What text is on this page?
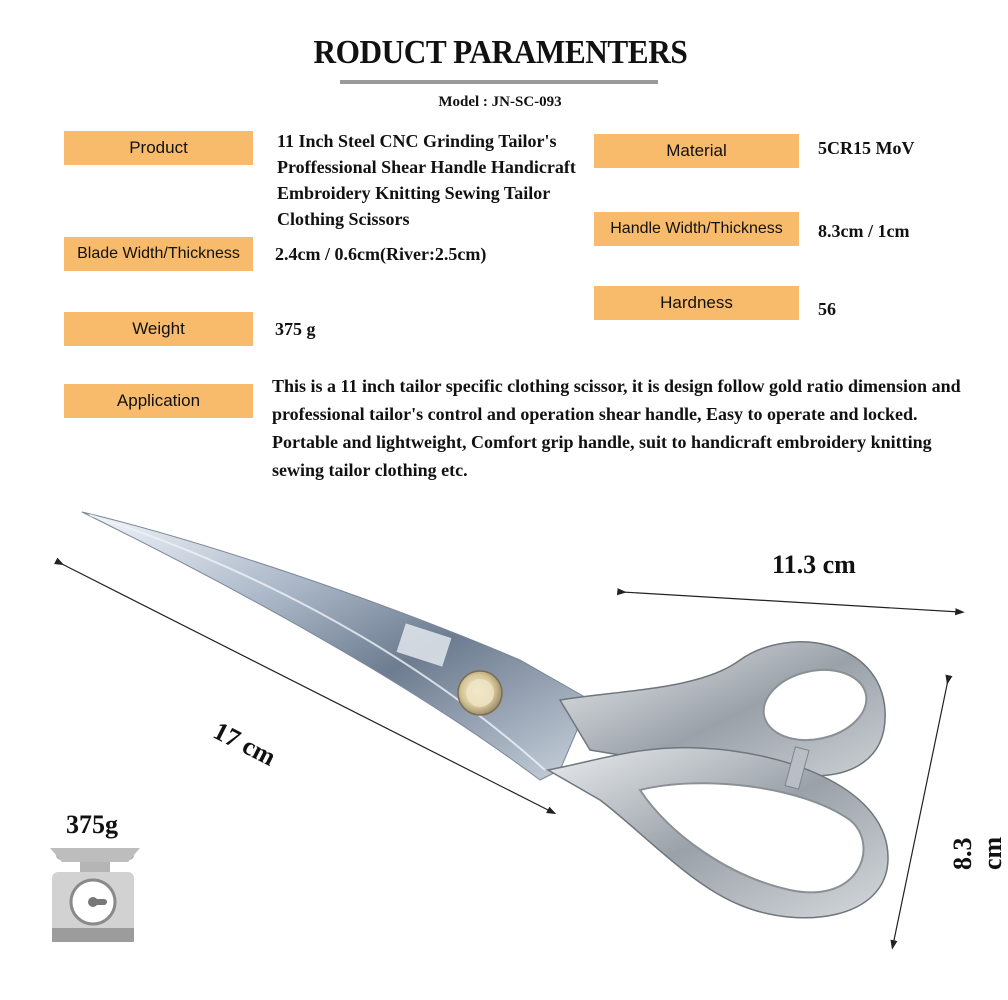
RODUCT PARAMENTERS
Model : JN-SC-093
Product	11 Inch Steel CNC Grinding Tailor's
Proffessional Shear Handle Handicraft
Embroidery Knitting Sewing Tailor
Clothing Scissors
Material	5CR15 MoV
Blade Width/Thickness	2.4cm / 0.6cm(River:2.5cm)
Handle Width/Thickness	8.3cm / 1cm
Hardness	56
Weight	375 g
Application
This is a 11 inch tailor specific clothing scissor, it is design follow gold ratio dimension and professional tailor's control and operation shear handle, Easy to operate and locked. Portable and lightweight, Comfort grip handle, suit to handicraft embroidery knitting sewing tailor clothing etc.
17 cm
11.3 cm
8.3 cm
375g
